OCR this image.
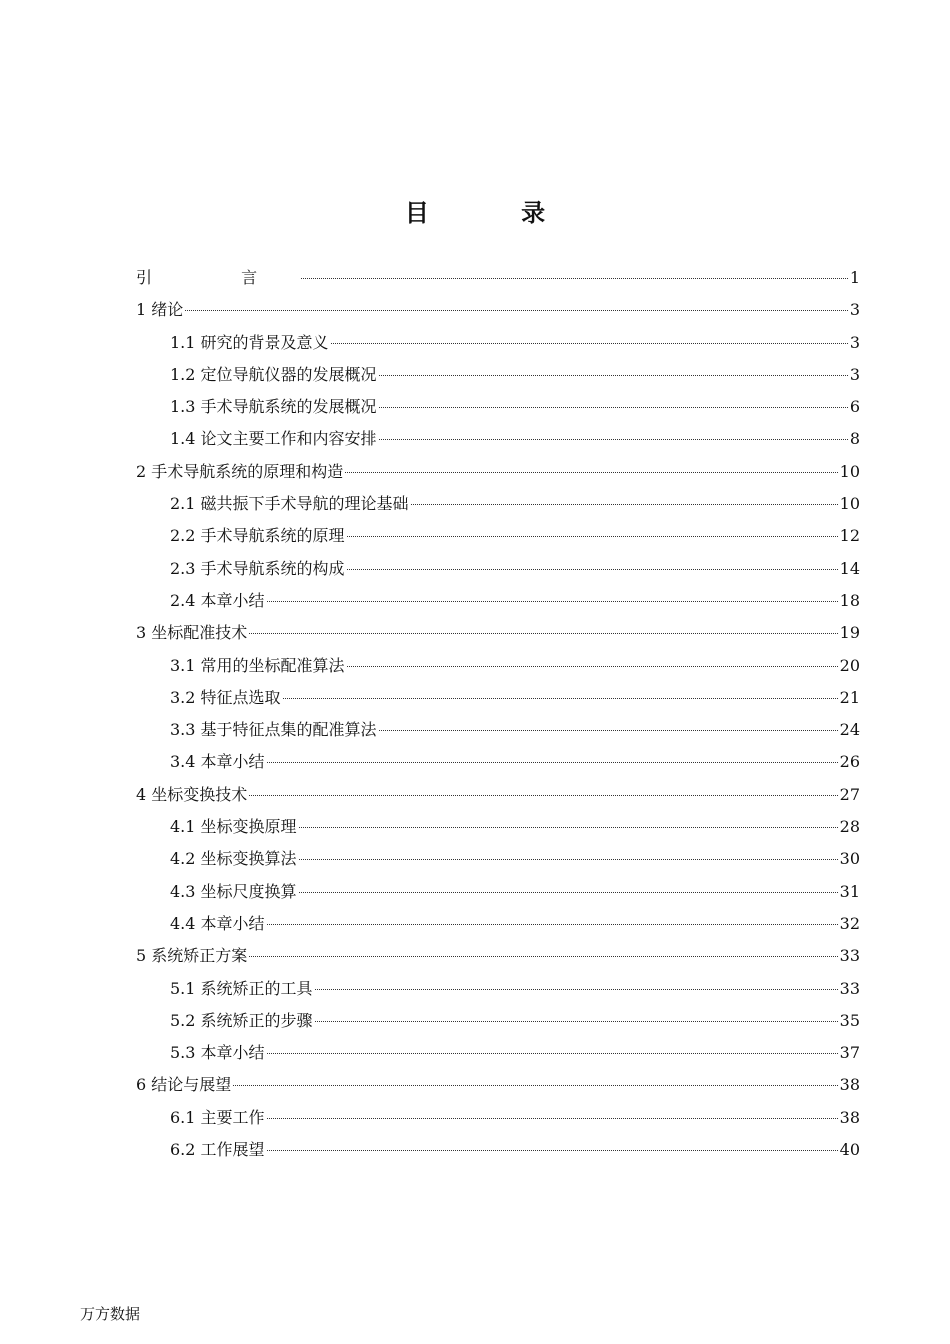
目 录
引 言	1
1 绪论	3
1.1 研究的背景及意义	3
1.2 定位导航仪器的发展概况	3
1.3 手术导航系统的发展概况	6
1.4 论文主要工作和内容安排	8
2 手术导航系统的原理和构造	10
2.1 磁共振下手术导航的理论基础	10
2.2 手术导航系统的原理	12
2.3 手术导航系统的构成	14
2.4 本章小结	18
3 坐标配准技术	19
3.1 常用的坐标配准算法	20
3.2 特征点选取	21
3.3 基于特征点集的配准算法	24
3.4 本章小结	26
4 坐标变换技术	27
4.1 坐标变换原理	28
4.2 坐标变换算法	30
4.3 坐标尺度换算	31
4.4 本章小结	32
5 系统矫正方案	33
5.1 系统矫正的工具	33
5.2 系统矫正的步骤	35
5.3 本章小结	37
6 结论与展望	38
6.1 主要工作	38
6.2 工作展望	40
万方数据
